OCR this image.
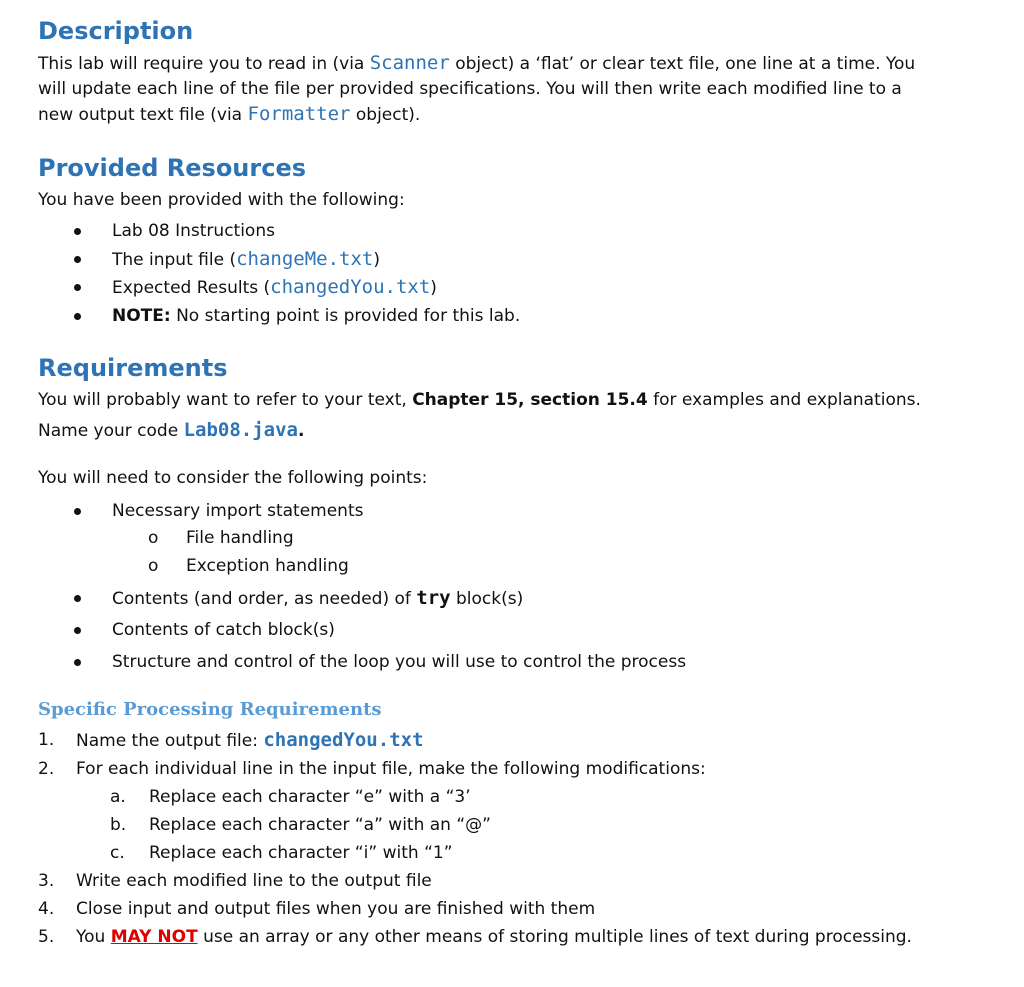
Description
This lab will require you to read in (via Scanner object) a ‘flat’ or clear text file, one line at a time. You
will update each line of the file per provided specifications. You will then write each modified line to a
new output text file (via Formatter object).
Provided Resources
You have been provided with the following:
Lab 08 Instructions
The input file (changeMe.txt)
Expected Results (changedYou.txt)
NOTE: No starting point is provided for this lab.
Requirements
You will probably want to refer to your text, Chapter 15, section 15.4 for examples and explanations.
Name your code Lab08.java.
You will need to consider the following points:
Necessary import statements
o File handling
o Exception handling
Contents (and order, as needed) of try block(s)
Contents of catch block(s)
Structure and control of the loop you will use to control the process
Specific Processing Requirements
1. Name the output file: changedYou.txt
2. For each individual line in the input file, make the following modifications:
a. Replace each character “e” with a “3’
b. Replace each character “a” with an “@”
c. Replace each character “i” with “1”
3. Write each modified line to the output file
4. Close input and output files when you are finished with them
5. You MAY NOT use an array or any other means of storing multiple lines of text during processing.
